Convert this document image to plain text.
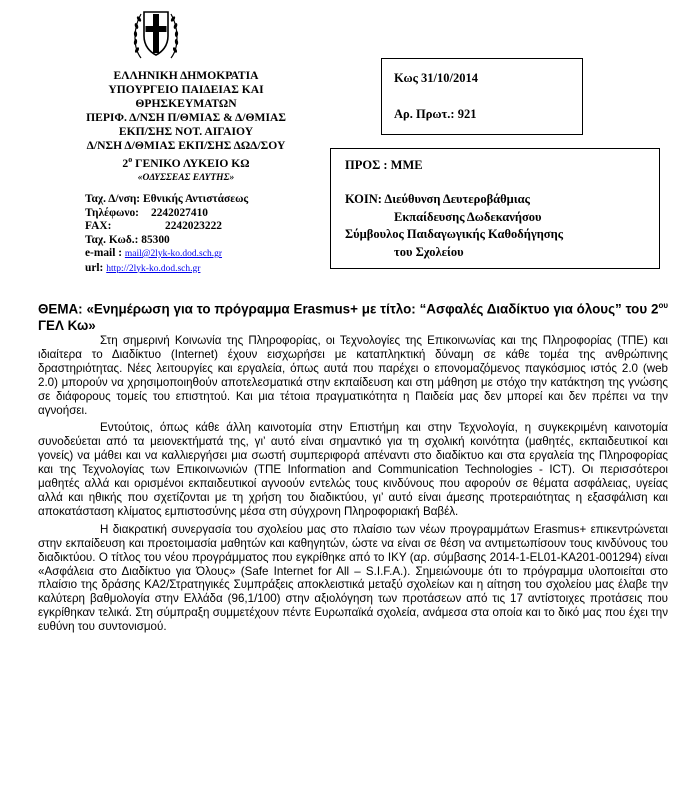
ΕΛΛΗΝΙΚΗ ΔΗΜΟΚΡΑΤΙΑ
ΥΠΟΥΡΓΕΙΟ ΠΑΙΔΕΙΑΣ ΚΑΙ
ΘΡΗΣΚΕΥΜΑΤΩΝ
ΠΕΡΙΦ. Δ/ΝΣΗ Π/ΘΜΙΑΣ & Δ/ΘΜΙΑΣ
ΕΚΠ/ΣΗΣ ΝΟΤ. ΑΙΓΑΙΟΥ
Δ/ΝΣΗ Δ/ΘΜΙΑΣ ΕΚΠ/ΣΗΣ ΔΩΔ/ΣΟΥ
$2^o$ ΓΕΝΙΚΟ ΛΥΚΕΙΟ ΚΩ
«ΟΔΥΣΣΕΑΣ ΕΛΥΤΗΣ»
Ταχ. Δ/νση: Εθνικής Αντιστάσεως
Τηλέφωνο: 2242027410
FAX:	2242023222
Ταχ. Κωδ.: 85300
e-mail : mail@2lyk-ko.dod.sch.gr
url: http://2lyk-ko.dod.sch.gr
Κως 31/10/2014
Αρ. Πρωτ.: 921
ΠΡΟΣ : ΜΜΕ
ΚΟΙΝ: Διεύθυνση Δευτεροβάθμιας
Εκπαίδευσης Δωδεκανήσου
Σύμβουλος Παιδαγωγικής Καθοδήγησης
του Σχολείου
ΘΕΜΑ: «Ενημέρωση για το πρόγραμμα Erasmus+ με τίτλο: “Ασφαλές Διαδίκτυο για όλους” του $2^{o\upsilon}$ ΓΕΛ Κω»

Στη σημερινή Κοινωνία της Πληροφορίας, οι Τεχνολογίες της Επικοινωνίας και της Πληροφορίας (ΤΠΕ) και ιδιαίτερα το Διαδίκτυο (Internet) έχουν εισχωρήσει με καταπληκτική δύναμη σε κάθε τομέα της ανθρώπινης δραστηριότητας. Νέες λειτουργίες και εργαλεία, όπως αυτά που παρέχει ο επονομαζόμενος παγκόσμιος ιστός 2.0 (web 2.0) μπορούν να χρησιμοποιηθούν αποτελεσματικά στην εκπαίδευση και στη μάθηση με στόχο την κατάκτηση της γνώσης σε διάφορους τομείς του επιστητού. Και μια τέτοια πραγματικότητα η Παιδεία μας δεν μπορεί και δεν πρέπει να την αγνοήσει.

Εντούτοις, όπως κάθε άλλη καινοτομία στην Επιστήμη και στην Τεχνολογία, η συγκεκριμένη καινοτομία συνοδεύεται από τα μειονεκτήματά της, γι’ αυτό είναι σημαντικό για τη σχολική κοινότητα (μαθητές, εκπαιδευτικοί και γονείς) να μάθει και να καλλιεργήσει μια σωστή συμπεριφορά απέναντι στο διαδίκτυο και στα εργαλεία της Πληροφορίας και της Τεχνολογίας των Επικοινωνιών (ΤΠΕ Information and Communication Technologies - ICT). Οι περισσότεροι μαθητές αλλά και ορισμένοι εκπαιδευτικοί αγνοούν εντελώς τους κινδύνους που αφορούν σε θέματα ασφάλειας, υγείας αλλά και ηθικής που σχετίζονται με τη χρήση του διαδικτύου, γι’ αυτό είναι άμεσης προτεραιότητας η εξασφάλιση και αποκατάσταση κλίματος εμπιστοσύνης μέσα στη σύγχρονη Πληροφοριακή Βαβέλ.

Η διακρατική συνεργασία του σχολείου μας στο πλαίσιο των νέων προγραμμάτων Erasmus+ επικεντρώνεται στην εκπαίδευση και προετοιμασία μαθητών και καθηγητών, ώστε να είναι σε θέση να αντιμετωπίσουν τους κινδύνους του διαδικτύου. Ο τίτλος του νέου προγράμματος που εγκρίθηκε από το ΙΚΥ (αρ. σύμβασης 2014-1-EL01-KA201-001294) είναι «Ασφάλεια στο Διαδίκτυο για Όλους» (Safe Internet for All – S.I.F.A.). Σημειώνουμε ότι το πρόγραμμα υλοποιείται στο πλαίσιο της δράσης ΚΑ2/Στρατηγικές Συμπράξεις αποκλειστικά μεταξύ σχολείων και η αίτηση του σχολείου μας έλαβε την καλύτερη βαθμολογία στην Ελλάδα (96,1/100) στην αξιολόγηση των προτάσεων από τις 17 αντίστοιχες προτάσεις που εγκρίθηκαν τελικά. Στη σύμπραξη συμμετέχουν πέντε Ευρωπαϊκά σχολεία, ανάμεσα στα οποία και το δικό μας που έχει την ευθύνη του συντονισμού.
